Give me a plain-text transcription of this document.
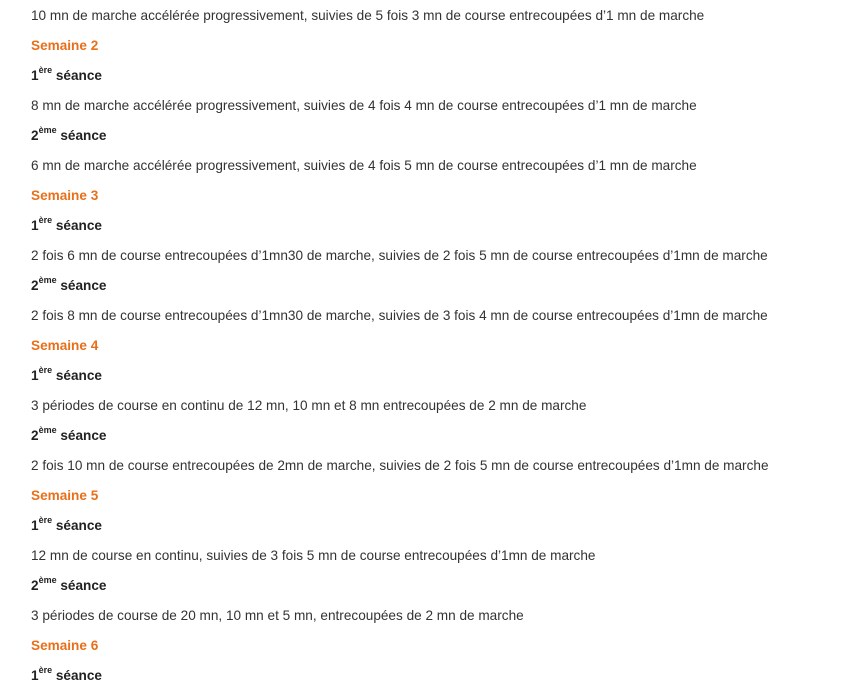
10 mn de marche accélérée progressivement, suivies de 5 fois 3 mn de course entrecoupées d’1 mn de marche
Semaine 2
1ère séance
8 mn de marche accélérée progressivement, suivies de 4 fois 4 mn de course entrecoupées d’1 mn de marche
2ème séance
6 mn de marche accélérée progressivement, suivies de 4 fois 5 mn de course entrecoupées d’1 mn de marche
Semaine 3
1ère séance
2 fois 6 mn de course entrecoupées d’1mn30 de marche, suivies de 2 fois 5 mn de course entrecoupées d’1mn de marche
2ème séance
2 fois 8 mn de course entrecoupées d’1mn30 de marche, suivies de 3 fois 4 mn de course entrecoupées d’1mn de marche
Semaine 4
1ère séance
3 périodes de course en continu de 12 mn, 10 mn et 8 mn entrecoupées de 2 mn de marche
2ème séance
2 fois 10 mn de course entrecoupées de 2mn de marche, suivies de 2 fois 5 mn de course entrecoupées d’1mn de marche
Semaine 5
1ère séance
12 mn de course en continu, suivies de 3 fois 5 mn de course entrecoupées d’1mn de marche
2ème séance
3 périodes de course de 20 mn, 10 mn et 5 mn, entrecoupées de 2 mn de marche
Semaine 6
1ère séance
